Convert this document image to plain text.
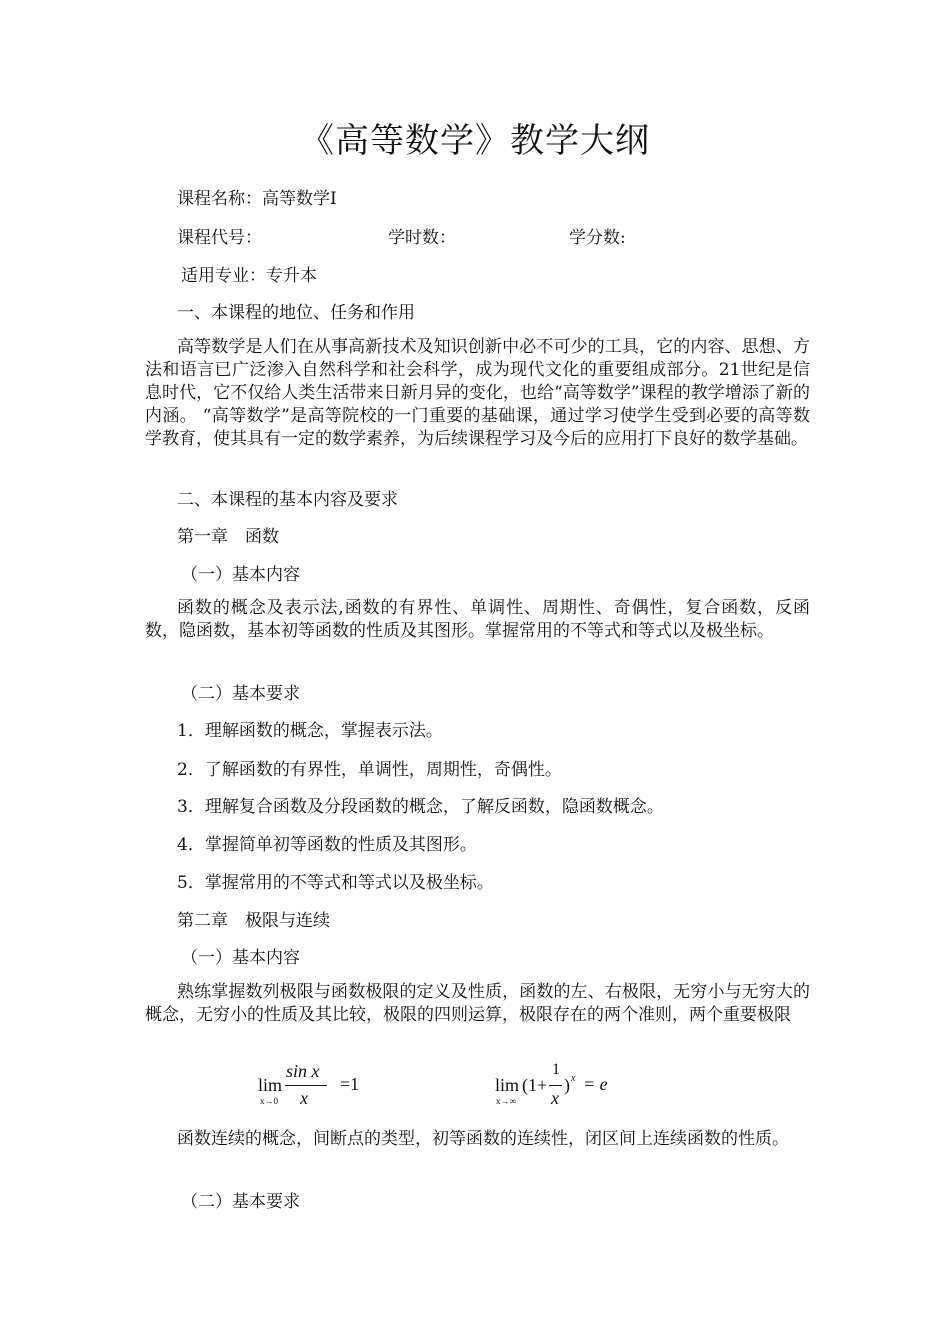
《高等数学》教学大纲
课程名称：高等数学Ⅰ
课程代号：	学时数：	学分数:
适用专业：专升本
一、本课程的地位、任务和作用
高等数学是人们在从事高新技术及知识创新中必不可少的工具，它的内容、思想、方法和语言已广泛渗入自然科学和社会科学，成为现代文化的重要组成部分。21世纪是信息时代，它不仅给人类生活带来日新月异的变化，也给“高等数学”课程的教学增添了新的内涵。 “高等数学”是高等院校的一门重要的基础课，通过学习使学生受到必要的高等数学教育，使其具有一定的数学素养，为后续课程学习及今后的应用打下良好的数学基础。
二、本课程的基本内容及要求
第一章　函数
（一）基本内容
函数的概念及表示法,函数的有界性、单调性、周期性、奇偶性，复合函数，反函数，隐函数，基本初等函数的性质及其图形。掌握常用的不等式和等式以及极坐标。
（二）基本要求
1．理解函数的概念，掌握表示法。
2．了解函数的有界性，单调性，周期性，奇偶性。
3．理解复合函数及分段函数的概念，了解反函数，隐函数概念。
4．掌握简单初等函数的性质及其图形。
5．掌握常用的不等式和等式以及极坐标。
第二章　极限与连续
（一）基本内容
熟练掌握数列极限与函数极限的定义及性质，函数的左、右极限，无穷小与无穷大的概念，无穷小的性质及其比较，极限的四则运算，极限存在的两个准则，两个重要极限
lim
x→0
sin x
x
=1	lim
x→∞
(1+
1
x
) x = e
函数连续的概念，间断点的类型，初等函数的连续性，闭区间上连续函数的性质。
（二）基本要求
